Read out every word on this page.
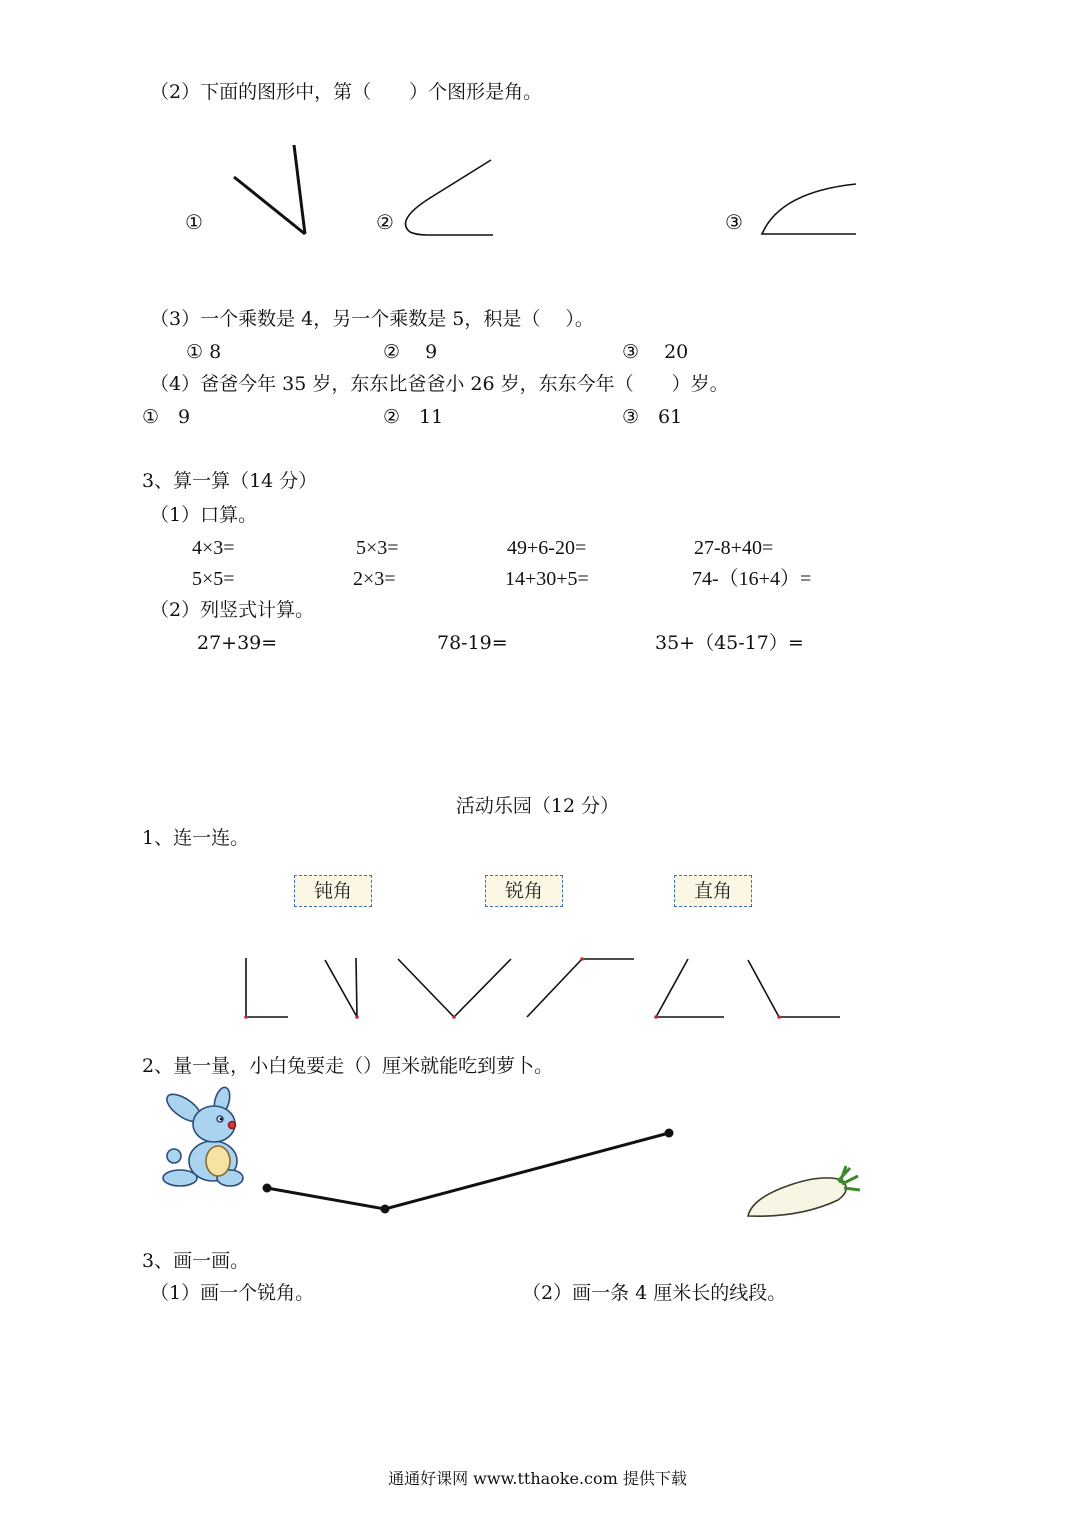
（2）下面的图形中，第（　　）个图形是角。
①	②	③
（3）一个乘数是 4，另一个乘数是 5，积是（　 ）。
① 8	②　 9	③　 20
（4）爸爸今年 35 岁，东东比爸爸小 26 岁，东东今年（　　）岁。
①　9	②　11	③　61
3、算一算（14 分）
（1）口算。
4×3=	5×3=	49+6-20=	27-8+40=
5×5=	2×3=	14+30+5=	74-（16+4）=
（2）列竖式计算。
27+39=	78-19=	35+（45-17）=
活动乐园（12 分）
1、连一连。
钝角	锐角	直角
2、量一量，小白兔要走（）厘米就能吃到萝卜。
3、画一画。
（1）画一个锐角。	（2）画一条 4 厘米长的线段。
通通好课网 www.tthaoke.com 提供下载
